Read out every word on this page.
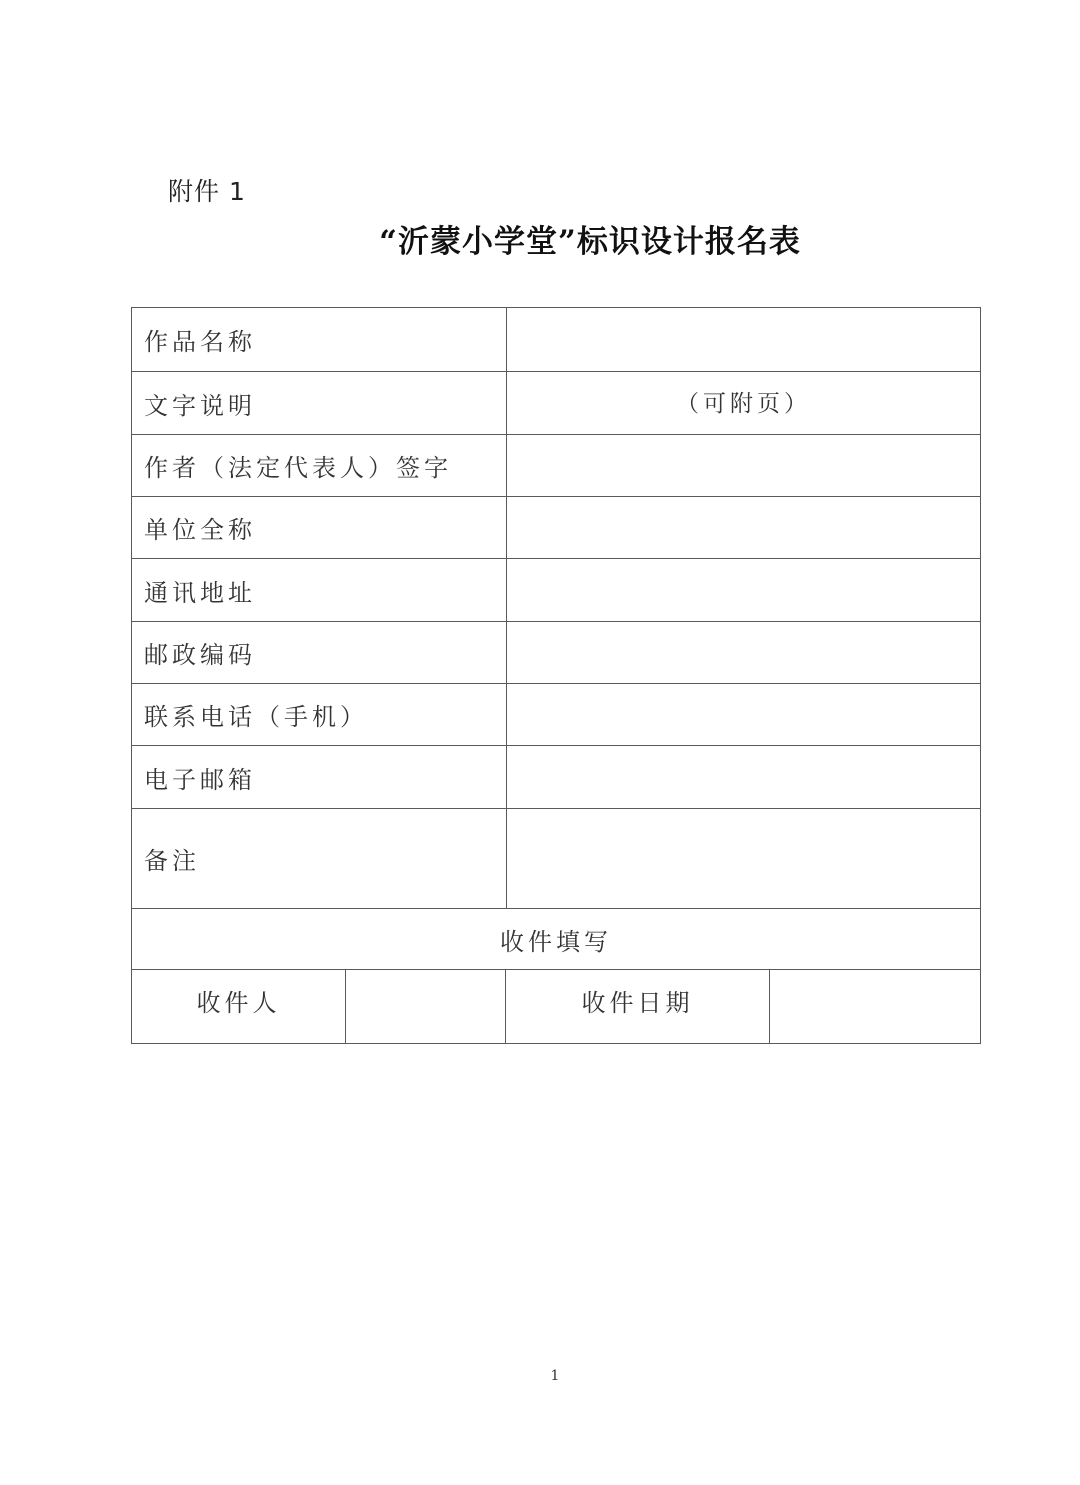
附件 1
“沂蒙小学堂”标识设计报名表
作品名称
文字说明	（可附页）
作者（法定代表人）签字
单位全称
通讯地址
邮政编码
联系电话（手机）
电子邮箱
备注
收件填写
收件人	收件日期
1
